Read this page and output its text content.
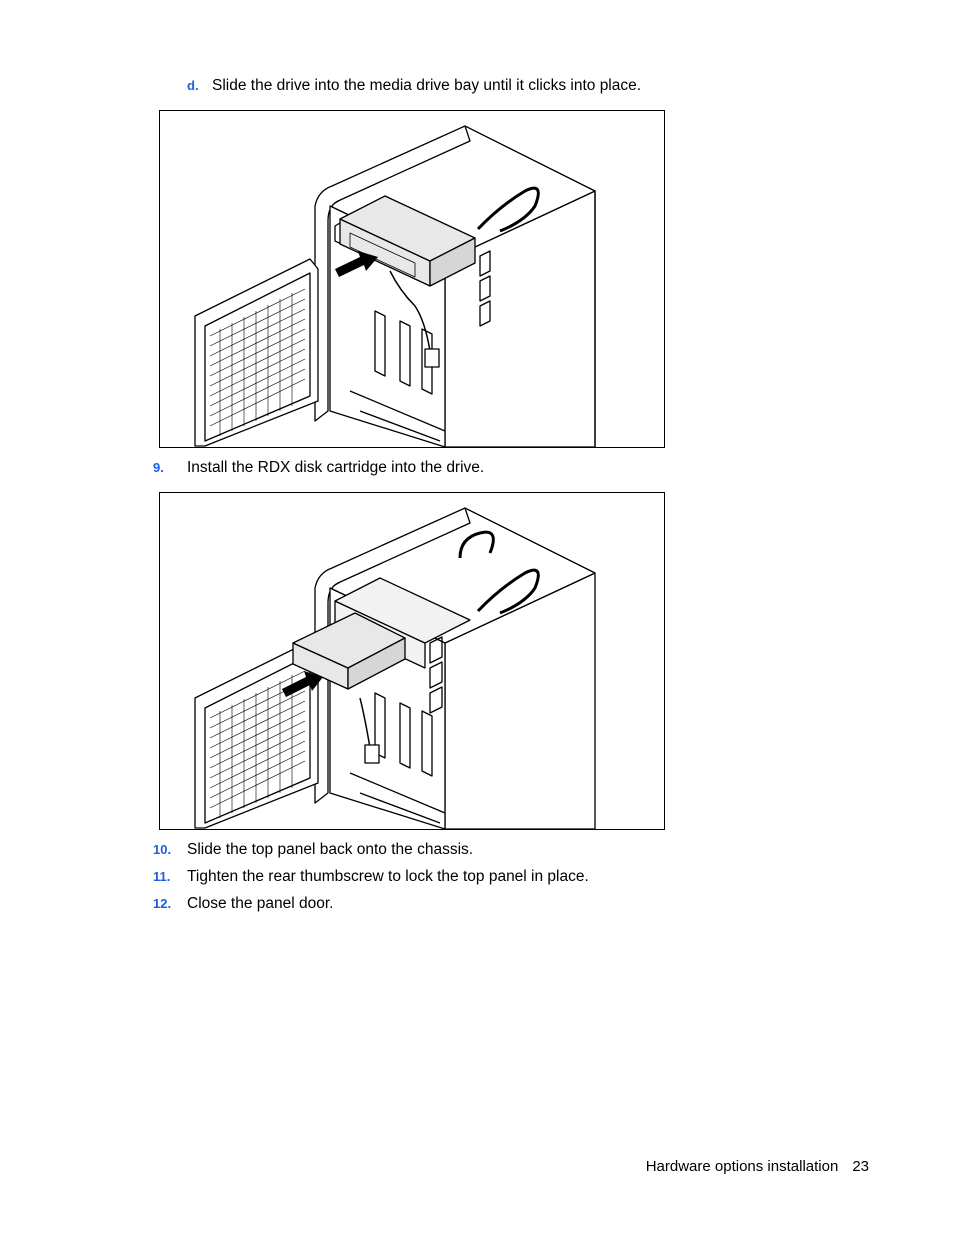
d. Slide the drive into the media drive bay until it clicks into place.
9. Install the RDX disk cartridge into the drive.
10. Slide the top panel back onto the chassis.
11. Tighten the rear thumbscrew to lock the top panel in place.
12. Close the panel door.
Hardware options installation 23
